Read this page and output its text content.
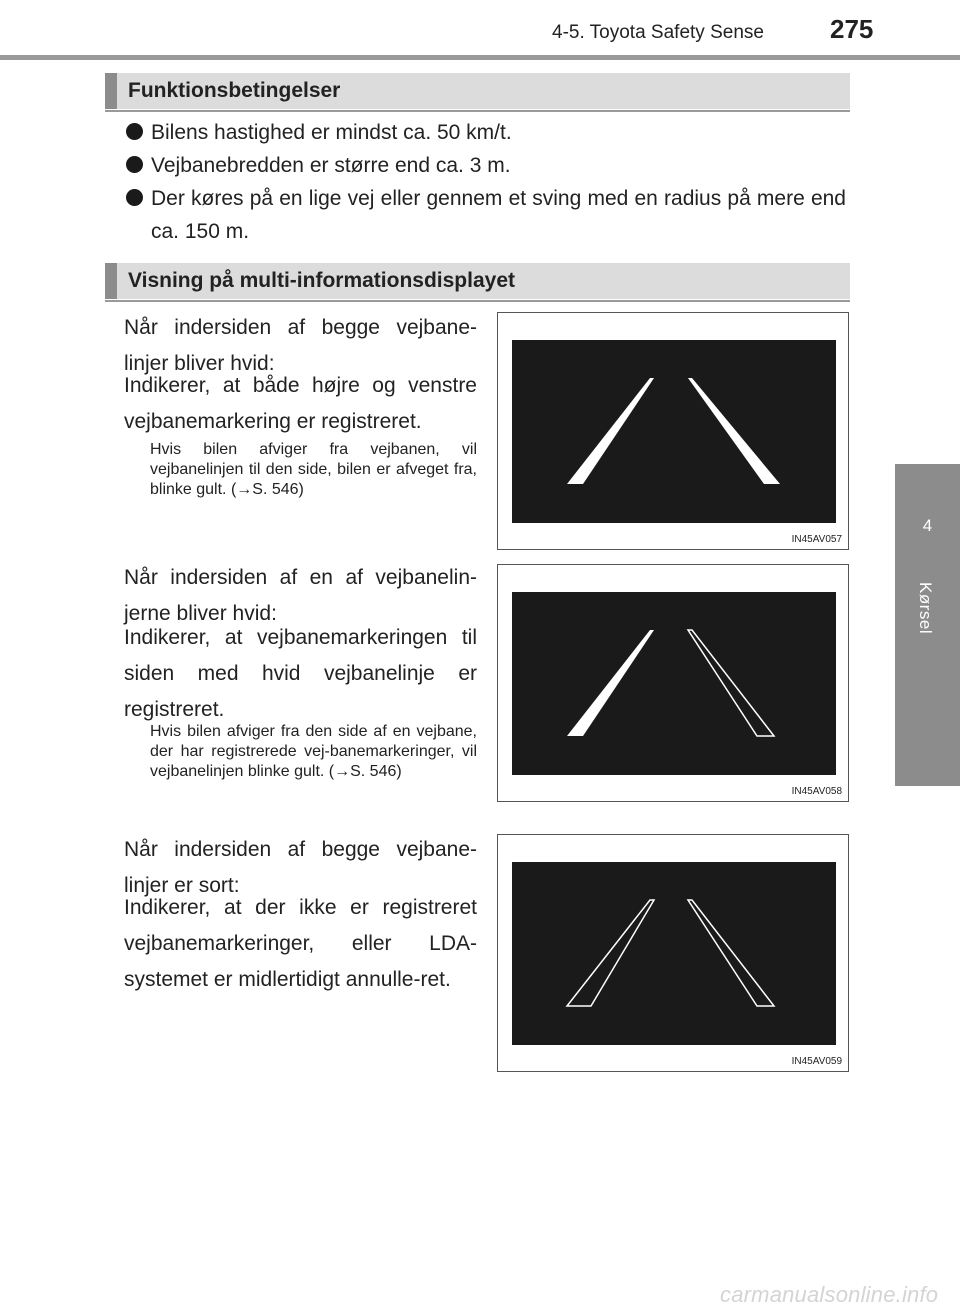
4-5. Toyota Safety Sense	275
4
Kørsel
Funktionsbetingelser
Bilens hastighed er mindst ca. 50 km/t.
Vejbanebredden er større end ca. 3 m.
Der køres på en lige vej eller gennem et sving med en radius på mere end ca. 150 m.
Visning på multi-informationsdisplayet
Når indersiden af begge vejbane-linjer bliver hvid:
Indikerer, at både højre og venstre vejbanemarkering er registreret.
Hvis bilen afviger fra vejbanen, vil vejbanelinjen til den side, bilen er afveget fra, blinke gult. (→S. 546)
IN45AV057
Når indersiden af en af vejbanelin-jerne bliver hvid:
Indikerer, at vejbanemarkeringen til siden med hvid vejbanelinje er registreret.
Hvis bilen afviger fra den side af en vejbane, der har registrerede vej-banemarkeringer, vil vejbanelinjen blinke gult. (→S. 546)
IN45AV058
Når indersiden af begge vejbane-linjer er sort:
Indikerer, at der ikke er registreret vejbanemarkeringer, eller LDA-systemet er midlertidigt annulle-ret.
IN45AV059
carmanualsonline.info
